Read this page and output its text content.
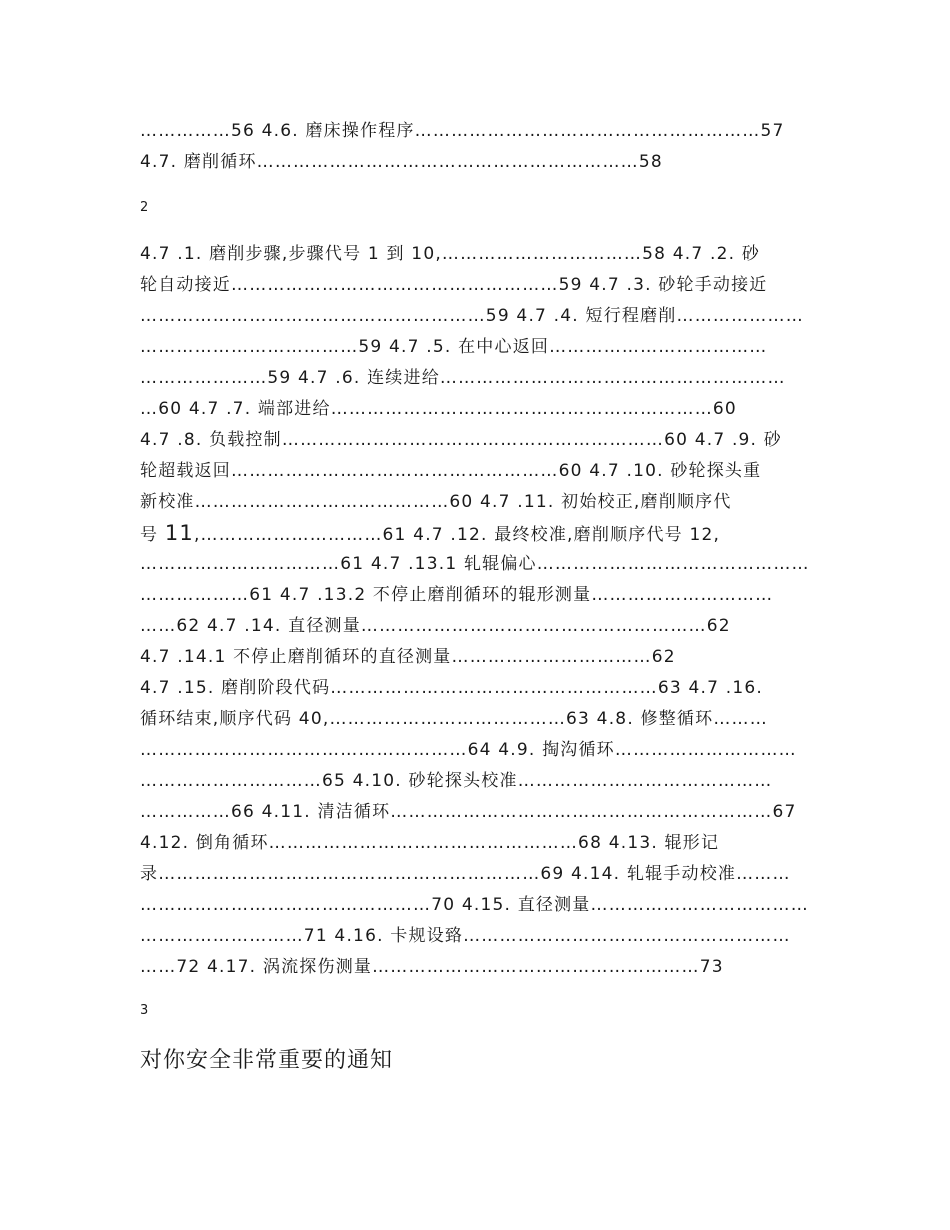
……………56 4.6. 磨床操作程序…………………………………………………57
4.7. 磨削循环………………………………………………………58
2
4.7 .1. 磨削步骤,步骤代号 1 到 10,……………………………58 4.7 .2. 砂
轮自动接近………………………………………………59 4.7 .3. 砂轮手动接近
…………………………………………………59 4.7 .4. 短行程磨削…………………
………………………………59 4.7 .5. 在中心返回………………………………
…………………59 4.7 .6. 连续进给…………………………………………………
…60 4.7 .7. 端部进给………………………………………………………60
4.7 .8. 负载控制………………………………………………………60 4.7 .9. 砂
轮超载返回………………………………………………60 4.7 .10. 砂轮探头重
新校准……………………………………60 4.7 .11. 初始校正,磨削顺序代
号 11,…………………………61 4.7 .12. 最终校准,磨削顺序代号 12,
……………………………61 4.7 .13.1 轧辊偏心………………………………………
………………61 4.7 .13.2 不停止磨削循环的辊形测量…………………………
……62 4.7 .14. 直径测量…………………………………………………62
4.7 .14.1 不停止磨削循环的直径测量……………………………62
4.7 .15. 磨削阶段代码………………………………………………63 4.7 .16.
循环结束,顺序代码 40,…………………………………63 4.8. 修整循环………
………………………………………………64 4.9. 掏沟循环…………………………
…………………………65 4.10. 砂轮探头校准……………………………………
……………66 4.11. 清洁循环………………………………………………………67
4.12. 倒角循环……………………………………………68 4.13. 辊形记
录………………………………………………………69 4.14. 轧辊手动校准………
…………………………………………70 4.15. 直径测量………………………………
………………………71 4.16. 卡规设臵………………………………………………
……72 4.17. 涡流探伤测量………………………………………………73
3
对你安全非常重要的通知
